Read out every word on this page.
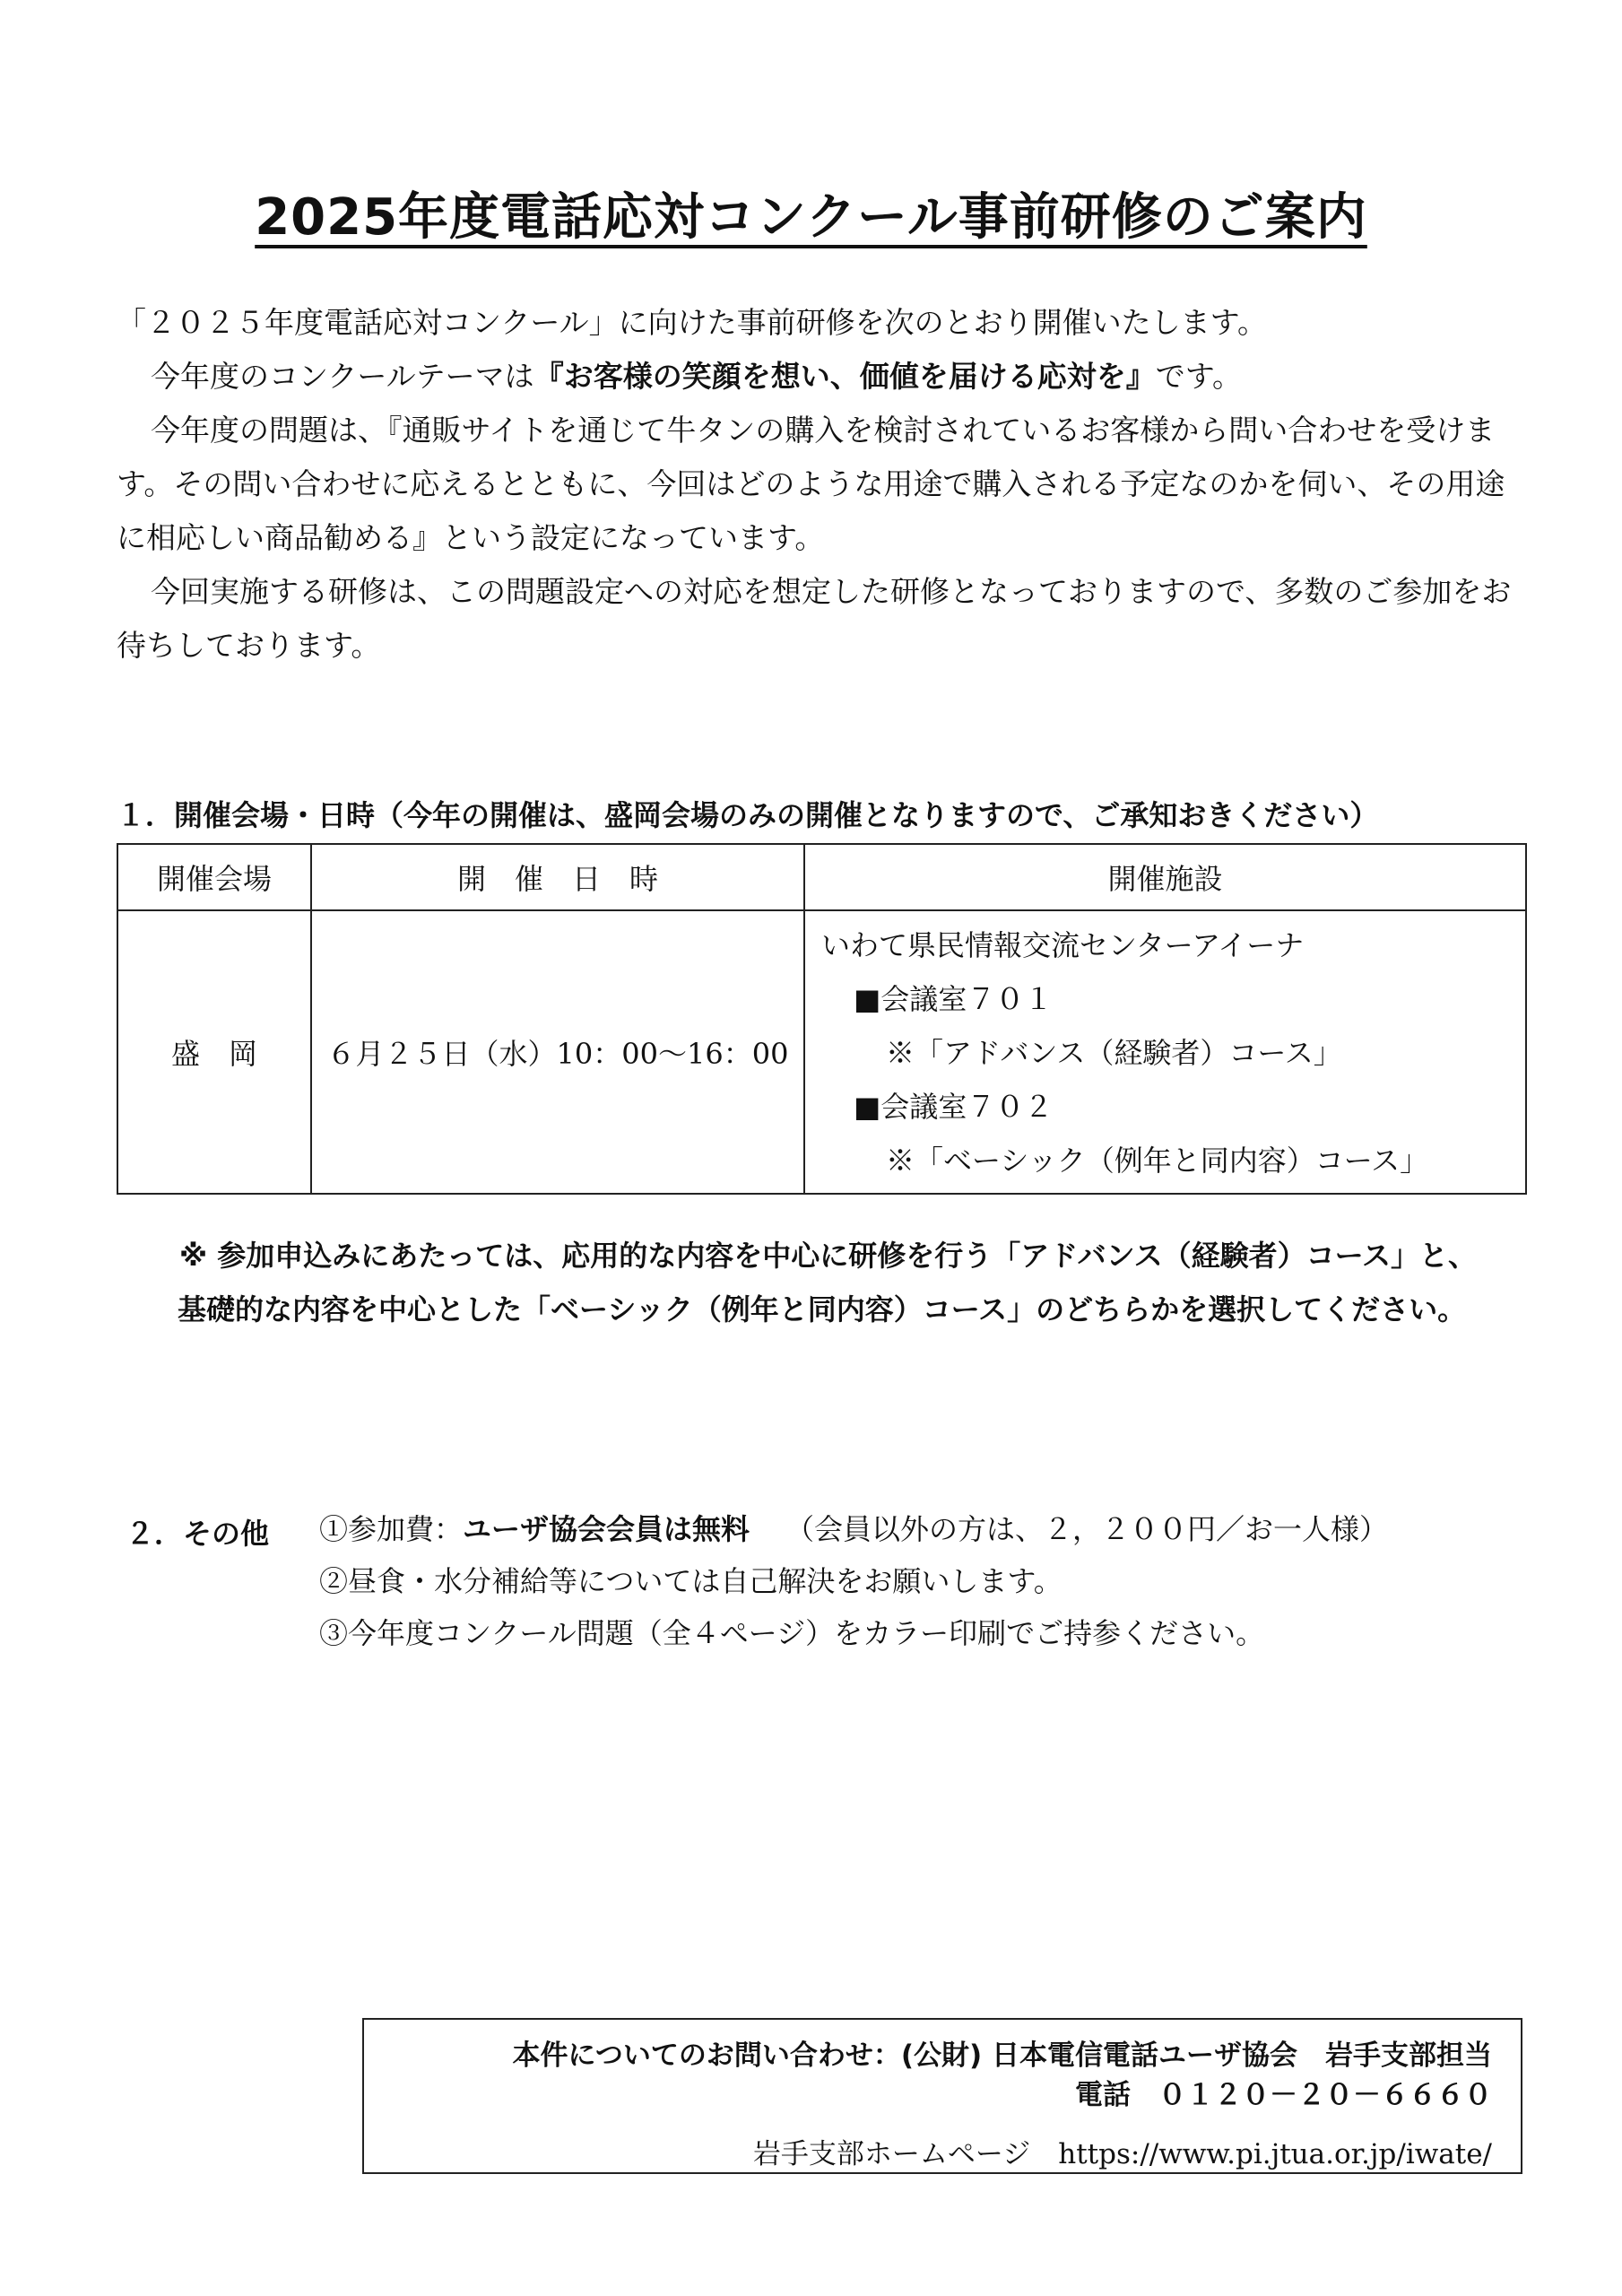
2025年度電話応対コンクール事前研修のご案内

「２０２５年度電話応対コンクール」に向けた事前研修を次のとおり開催いたします。

今年度のコンクールテーマは『お客様の笑顔を想い、価値を届ける応対を』です。

今年度の問題は、『通販サイトを通じて牛タンの購入を検討されているお客様から問い合わせを受けます。その問い合わせに応えるとともに、今回はどのような用途で購入される予定なのかを伺い、その用途に相応しい商品勧める』という設定になっています。

今回実施する研修は、この問題設定への対応を想定した研修となっておりますので、多数のご参加をお待ちしております。

１．開催会場・日時（今年の開催は、盛岡会場のみの開催となりますので、ご承知おきください）
開催会場	開　催　日　時	開催施設
盛　岡	６月２５日（水）10：00～16：00	いわて県民情報交流センターアイーナ
■会議室７０１
※「アドバンス（経験者）コース」
■会議室７０２
※「ベーシック（例年と同内容）コース」

※ 参加申込みにあたっては、応用的な内容を中心に研修を行う「アドバンス（経験者）コース」と、

基礎的な内容を中心とした「ベーシック（例年と同内容）コース」のどちらかを選択してください。

２．その他 ①参加費：ユーザ協会会員は無料 （会員以外の方は、２，２００円／お一人様）
②昼食・水分補給等については自己解決をお願いします。
③今年度コンクール問題（全４ページ）をカラー印刷でご持参ください。
本件についてのお問い合わせ：(公財) 日本電信電話ユーザ協会　岩手支部担当
電話　０１２０－２０－６６６０
岩手支部ホームページ　https://www.pi.jtua.or.jp/iwate/
